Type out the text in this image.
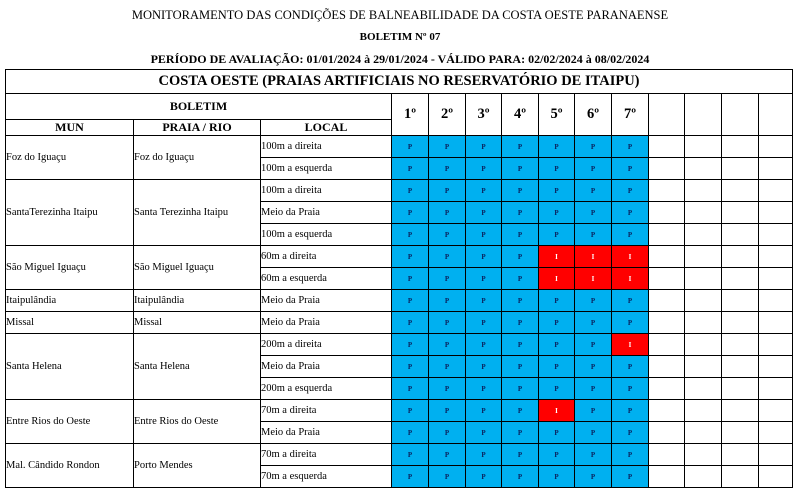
MONITORAMENTO DAS CONDIÇÕES DE BALNEABILIDADE DA COSTA OESTE PARANAENSE
BOLETIM Nº 07
PERÍODO DE AVALIAÇÃO: 01/01/2024 à 29/01/2024 - VÁLIDO PARA: 02/02/2024 à 08/02/2024
COSTA OESTE (PRAIAS ARTIFICIAIS NO RESERVATÓRIO DE ITAIPU)													
BOLETIM			1º	2º	3º	4º	5º	6º	7º				
MUN	PRAIA / RIO	LOCAL											
Foz do Iguaçu	Foz do Iguaçu	100m a direita	P	P	P	P	P	P	P				
		100m a esquerda	P	P	P	P	P	P	P				
SantaTerezinha Itaipu	Santa Terezinha Itaipu	100m a direita	P	P	P	P	P	P	P				
		Meio da Praia	P	P	P	P	P	P	P				
		100m a esquerda	P	P	P	P	P	P	P				
São Miguel Iguaçu	São Miguel Iguaçu	60m a direita	P	P	P	P	I	I	I				
		60m a esquerda	P	P	P	P	I	I	I				
Itaipulândia	Itaipulândia	Meio da Praia	P	P	P	P	P	P	P				
Missal	Missal	Meio da Praia	P	P	P	P	P	P	P				
Santa Helena	Santa Helena	200m a direita	P	P	P	P	P	P	I				
		Meio da Praia	P	P	P	P	P	P	P				
		200m a esquerda	P	P	P	P	P	P	P				
Entre Rios do Oeste	Entre Rios do Oeste	70m a direita	P	P	P	P	I	P	P				
		Meio da Praia	P	P	P	P	P	P	P				
Mal. Cândido Rondon	Porto Mendes	70m a direita	P	P	P	P	P	P	P				
		70m a esquerda	P	P	P	P	P	P	P				
